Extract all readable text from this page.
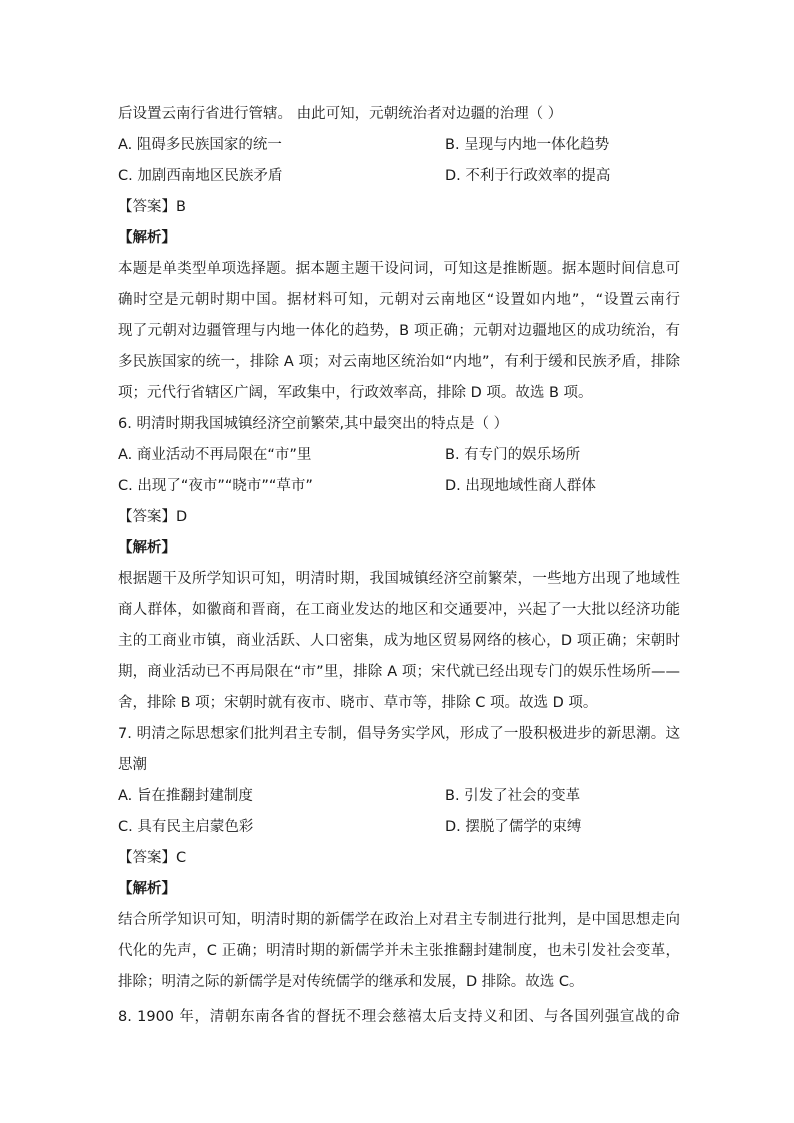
后设置云南行省进行管辖。 由此可知，元朝统治者对边疆的治理（ ）
A. 阻碍多民族国家的统一	B. 呈现与内地一体化趋势
C. 加剧西南地区民族矛盾	D. 不利于行政效率的提高
【答案】B
【解析】
本题是单类型单项选择题。据本题主题干设问词，可知这是推断题。据本题时间信息可
确时空是元朝时期中国。据材料可知，元朝对云南地区“设置如内地”，“设置云南行
现了元朝对边疆管理与内地一体化的趋势，B 项正确；元朝对边疆地区的成功统治，有
多民族国家的统一，排除 A 项；对云南地区统治如“内地”，有利于缓和民族矛盾，排除
项；元代行省辖区广阔，军政集中，行政效率高，排除 D 项。故选 B 项。
6. 明清时期我国城镇经济空前繁荣,其中最突出的特点是（ ）
A. 商业活动不再局限在“市”里	B. 有专门的娱乐场所
C. 出现了“夜市”“晓市”“草市”	D. 出现地域性商人群体
【答案】D
【解析】
根据题干及所学知识可知，明清时期，我国城镇经济空前繁荣，一些地方出现了地域性
商人群体，如徽商和晋商，在工商业发达的地区和交通要冲，兴起了一大批以经济功能
主的工商业市镇，商业活跃、人口密集，成为地区贸易网络的核心，D 项正确；宋朝时
期，商业活动已不再局限在“市”里，排除 A 项；宋代就已经出现专门的娱乐性场所——
舍，排除 B 项；宋朝时就有夜市、晓市、草市等，排除 C 项。故选 D 项。
7. 明清之际思想家们批判君主专制，倡导务实学风，形成了一股积极进步的新思潮。这
思潮
A. 旨在推翻封建制度	B. 引发了社会的变革
C. 具有民主启蒙色彩	D. 摆脱了儒学的束缚
【答案】C
【解析】
结合所学知识可知，明清时期的新儒学在政治上对君主专制进行批判，是中国思想走向
代化的先声，C 正确；明清时期的新儒学并未主张推翻封建制度，也未引发社会变革，
排除；明清之际的新儒学是对传统儒学的继承和发展，D 排除。故选 C。
8. 1900 年，清朝东南各省的督抚不理会慈禧太后支持义和团、与各国列强宣战的命
